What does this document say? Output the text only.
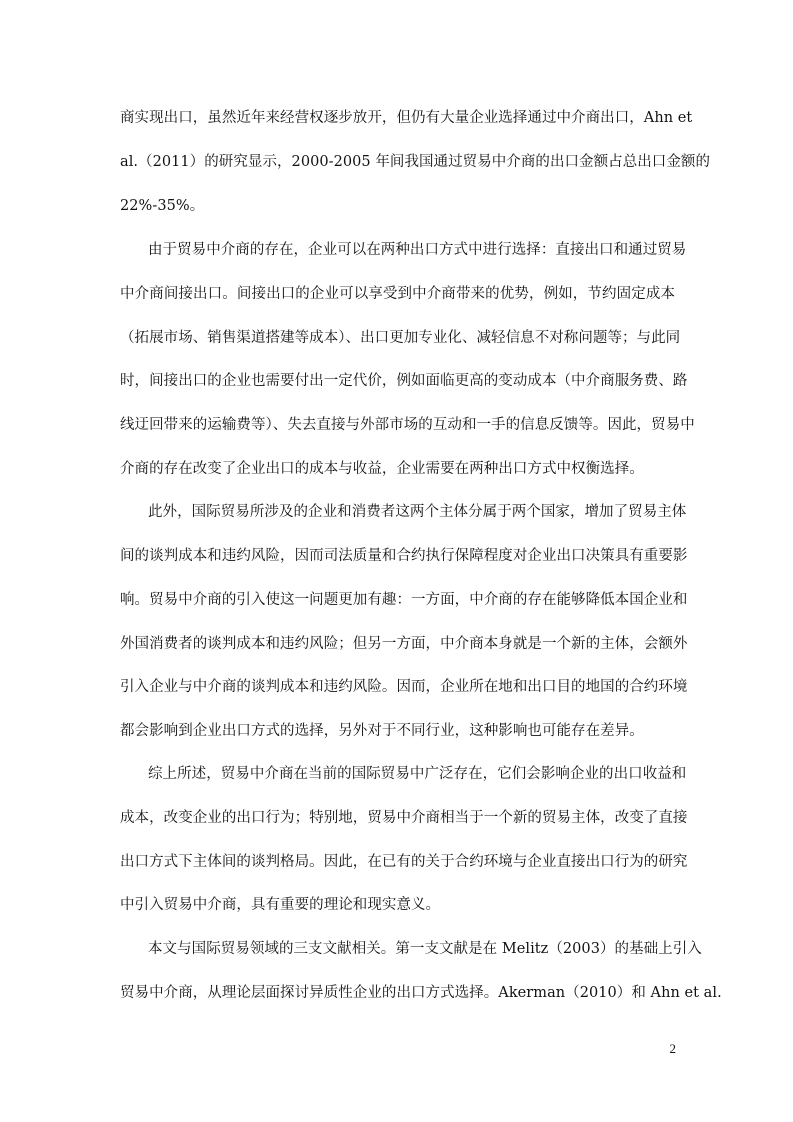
商实现出口，虽然近年来经营权逐步放开，但仍有大量企业选择通过中介商出口，Ahn et
al.（2011）的研究显示，2000-2005 年间我国通过贸易中介商的出口金额占总出口金额的
22%-35%。
由于贸易中介商的存在，企业可以在两种出口方式中进行选择：直接出口和通过贸易
中介商间接出口。间接出口的企业可以享受到中介商带来的优势，例如，节约固定成本
（拓展市场、销售渠道搭建等成本）、出口更加专业化、减轻信息不对称问题等；与此同
时，间接出口的企业也需要付出一定代价，例如面临更高的变动成本（中介商服务费、路
线迂回带来的运输费等）、失去直接与外部市场的互动和一手的信息反馈等。因此，贸易中
介商的存在改变了企业出口的成本与收益，企业需要在两种出口方式中权衡选择。
此外，国际贸易所涉及的企业和消费者这两个主体分属于两个国家，增加了贸易主体
间的谈判成本和违约风险，因而司法质量和合约执行保障程度对企业出口决策具有重要影
响。贸易中介商的引入使这一问题更加有趣：一方面，中介商的存在能够降低本国企业和
外国消费者的谈判成本和违约风险；但另一方面，中介商本身就是一个新的主体，会额外
引入企业与中介商的谈判成本和违约风险。因而，企业所在地和出口目的地国的合约环境
都会影响到企业出口方式的选择，另外对于不同行业，这种影响也可能存在差异。
综上所述，贸易中介商在当前的国际贸易中广泛存在，它们会影响企业的出口收益和
成本，改变企业的出口行为；特别地，贸易中介商相当于一个新的贸易主体，改变了直接
出口方式下主体间的谈判格局。因此，在已有的关于合约环境与企业直接出口行为的研究
中引入贸易中介商，具有重要的理论和现实意义。
本文与国际贸易领域的三支文献相关。第一支文献是在 Melitz（2003）的基础上引入
贸易中介商，从理论层面探讨异质性企业的出口方式选择。Akerman（2010）和 Ahn et al.
2
